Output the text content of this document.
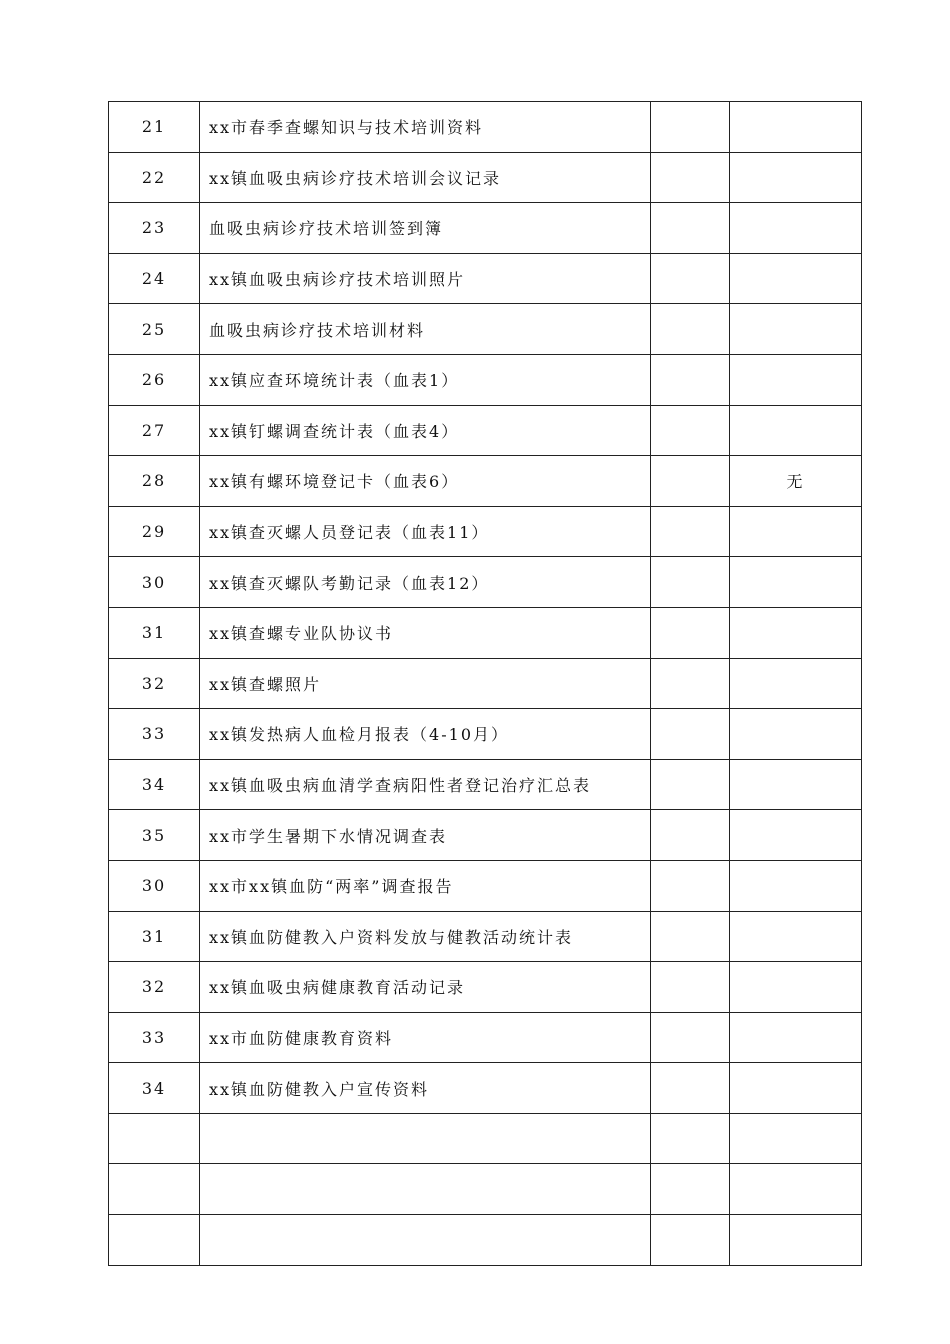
21	xx市春季查螺知识与技术培训资料		
22	xx镇血吸虫病诊疗技术培训会议记录		
23	血吸虫病诊疗技术培训签到簿		
24	xx镇血吸虫病诊疗技术培训照片		
25	血吸虫病诊疗技术培训材料		
26	xx镇应查环境统计表（血表1）		
27	xx镇钉螺调查统计表（血表4）		
28	xx镇有螺环境登记卡（血表6）		无
29	xx镇查灭螺人员登记表（血表11）		
30	xx镇查灭螺队考勤记录（血表12）		
31	xx镇查螺专业队协议书		
32	xx镇查螺照片		
33	xx镇发热病人血检月报表（4-10月）		
34	xx镇血吸虫病血清学查病阳性者登记治疗汇总表		
35	xx市学生暑期下水情况调查表		
30	xx市xx镇血防“两率”调查报告		
31	xx镇血防健教入户资料发放与健教活动统计表		
32	xx镇血吸虫病健康教育活动记录		
33	xx市血防健康教育资料		
34	xx镇血防健教入户宣传资料		
